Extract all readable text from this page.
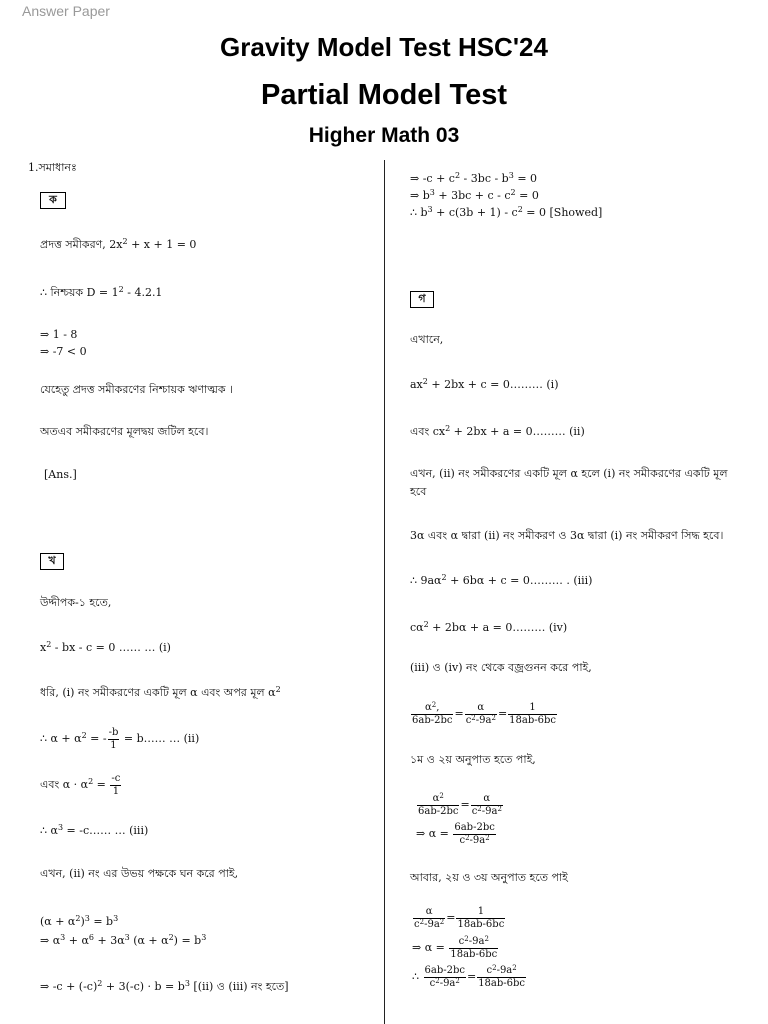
Answer Paper
Gravity Model Test HSC'24
Partial Model Test
Higher Math 03
1.সমাধানঃ
ক
প্রদত্ত সমীকরণ, $2x^2 + x + 1 = 0$
∴ নিশ্চয়ক $D = 1^2 - 4.2.1$
⇒ 1 - 8
⇒ -7 < 0
যেহেতু প্রদত্ত সমীকরণের নিশ্চায়ক ঋণাত্মক ।
অতএব সমীকরণের মূলদ্বয় জটিল হবে।
[Ans.]
খ
উদ্দীপক-১ হতে,
$x^2$ - bx - c = 0 …… … (i)
ধরি, (i) নং সমীকরণের একটি মূল α এবং অপর মূল $\alpha^2$
∴ $\alpha + \alpha^2$ = - $\frac{-b}{1}$ = b…… … (ii)
এবং $\alpha \cdot \alpha^2 = \frac{-c}{1}$
∴ $\alpha^3$ = -c…… … (iii)
এখন, (ii) নং এর উভয় পক্ষকে ঘন করে পাই,
$(\alpha + \alpha^2)^3 = b^3$
⇒ $\alpha^3 + \alpha^6 + 3\alpha^3$ $(\alpha + \alpha^2) = b^3$
⇒ $-c + (-c)^2 + 3(-c) \cdot b = b^3$ [(ii) ও (iii) নং হতে]
⇒ $-c + c^2 - 3bc - b^3 = 0$
⇒ $b^3 + 3bc + c - c^2 = 0$
∴ $b^3 + c(3b + 1) - c^2 = 0$ [Showed]
গ
এখানে,
$ax^2 + 2bx + c$ = 0……… (i)
এবং $cx^2 + 2bx + a$ = 0……… (ii)
এখন, (ii) নং সমীকরণের একটি মূল α হলে (i) নং সমীকরণের একটি মূল
হবে
3α এবং α দ্বারা (ii) নং সমীকরণ ও 3α দ্বারা (i) নং সমীকরণ সিদ্ধ হবে।
∴ $9a\alpha^2 + 6b\alpha + c$ = 0……… . (iii)
$c\alpha^2 + 2b\alpha + a$ = 0……… (iv)
(iii) ও (iv) নং থেকে বজ্রগুনন করে পাই,
$\frac{\alpha^2,}{6ab-2bc} = \frac{\alpha}{c^2-9a^2} = \frac{1}{18ab-6bc}$
১ম ও ২য় অনুপাত হতে পাই,
$\frac{\alpha^2}{6ab-2bc} = \frac{\alpha}{c^2-9a^2}$
⇒ $\alpha = \frac{6ab-2bc}{c^2-9a^2}$
আবার, ২য় ও ৩য় অনুপাত হতে পাই
$\frac{\alpha}{c^2-9a^2} = \frac{1}{18ab-6bc}$
⇒ $\alpha = \frac{c^2-9a^2}{18ab-6bc}$
∴ $\frac{6ab-2bc}{c^2-9a^2} = \frac{c^2-9a^2}{18ab-6bc}$
